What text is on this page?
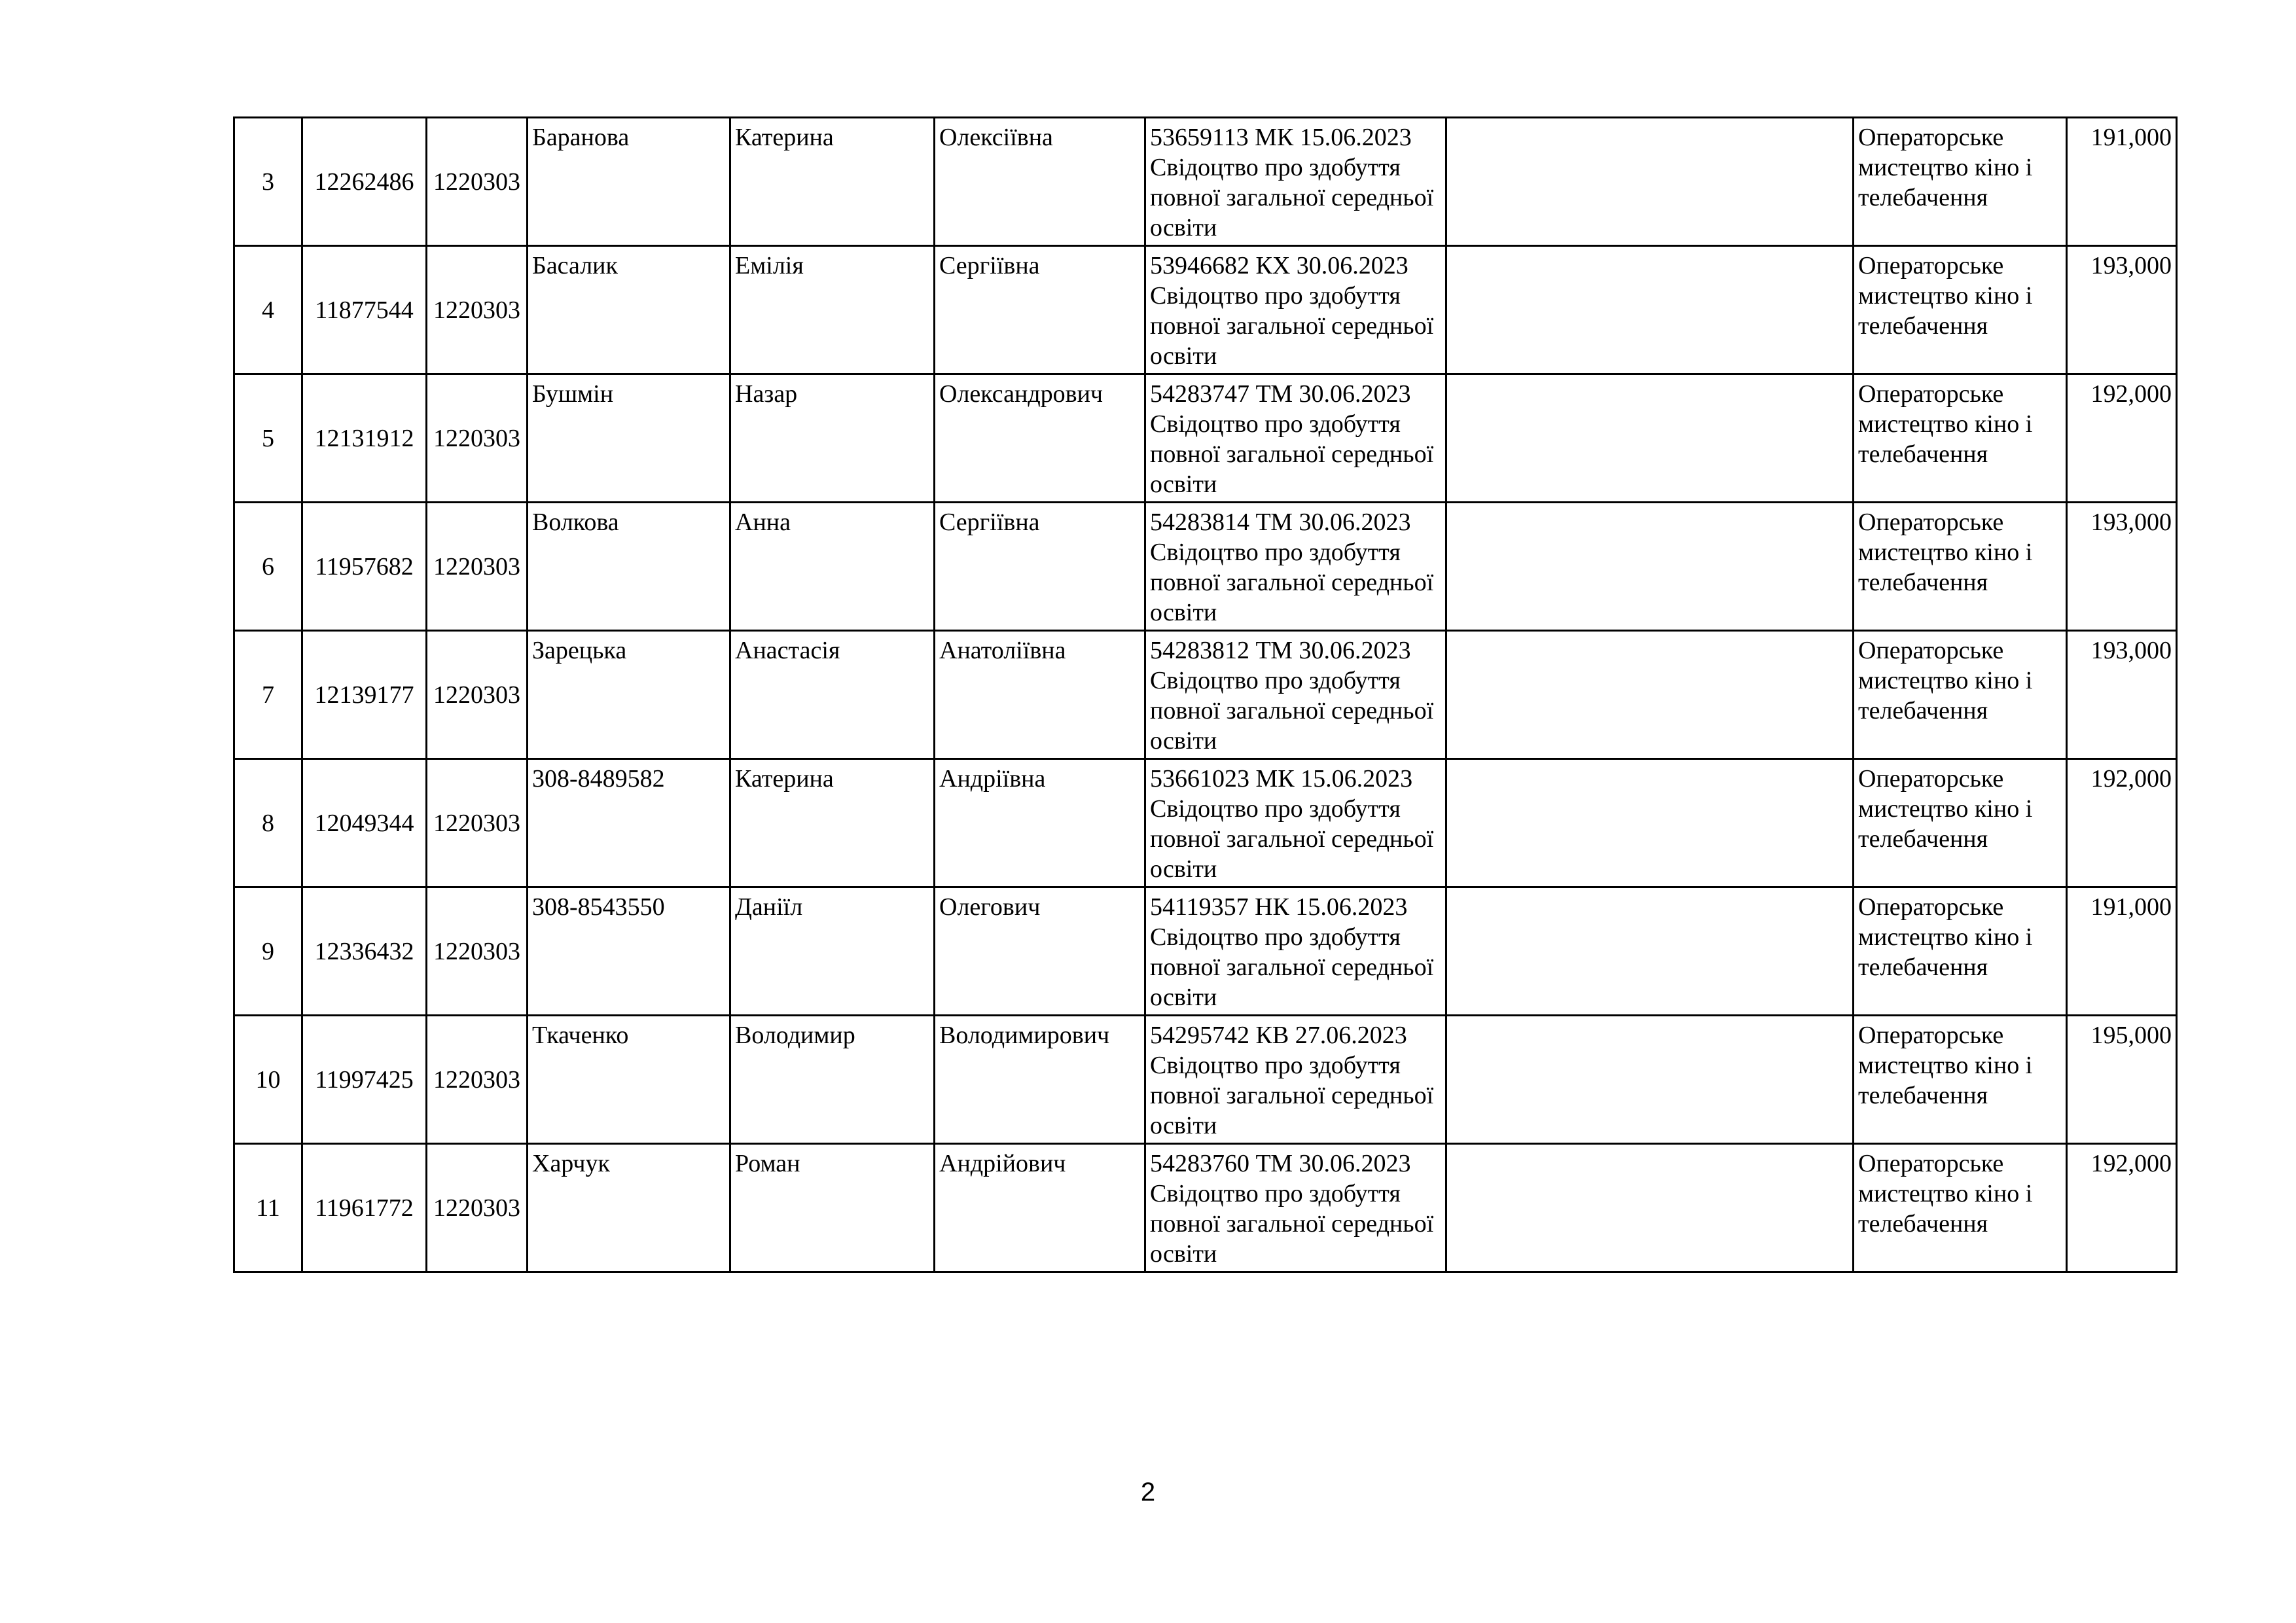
3	12262486	1220303	Баранова	Катерина	Олексіївна	53659113 МК 15.06.2023 Свідоцтво про здобуття повної загальної середньої освіти		Операторське мистецтво кіно і телебачення	191,000
4	11877544	1220303	Басалик	Емілія	Сергіївна	53946682 КХ 30.06.2023 Свідоцтво про здобуття повної загальної середньої освіти		Операторське мистецтво кіно і телебачення	193,000
5	12131912	1220303	Бушмін	Назар	Олександрович	54283747 ТМ 30.06.2023 Свідоцтво про здобуття повної загальної середньої освіти		Операторське мистецтво кіно і телебачення	192,000
6	11957682	1220303	Волкова	Анна	Сергіївна	54283814 ТМ 30.06.2023 Свідоцтво про здобуття повної загальної середньої освіти		Операторське мистецтво кіно і телебачення	193,000
7	12139177	1220303	Зарецька	Анастасія	Анатоліївна	54283812 ТМ 30.06.2023 Свідоцтво про здобуття повної загальної середньої освіти		Операторське мистецтво кіно і телебачення	193,000
8	12049344	1220303	308-8489582	Катерина	Андріївна	53661023 МК 15.06.2023 Свідоцтво про здобуття повної загальної середньої освіти		Операторське мистецтво кіно і телебачення	192,000
9	12336432	1220303	308-8543550	Даніїл	Олегович	54119357 НК 15.06.2023 Свідоцтво про здобуття повної загальної середньої освіти		Операторське мистецтво кіно і телебачення	191,000
10	11997425	1220303	Ткаченко	Володимир	Володимирович	54295742 КВ 27.06.2023 Свідоцтво про здобуття повної загальної середньої освіти		Операторське мистецтво кіно і телебачення	195,000
11	11961772	1220303	Харчук	Роман	Андрійович	54283760 ТМ 30.06.2023 Свідоцтво про здобуття повної загальної середньої освіти		Операторське мистецтво кіно і телебачення	192,000
2
